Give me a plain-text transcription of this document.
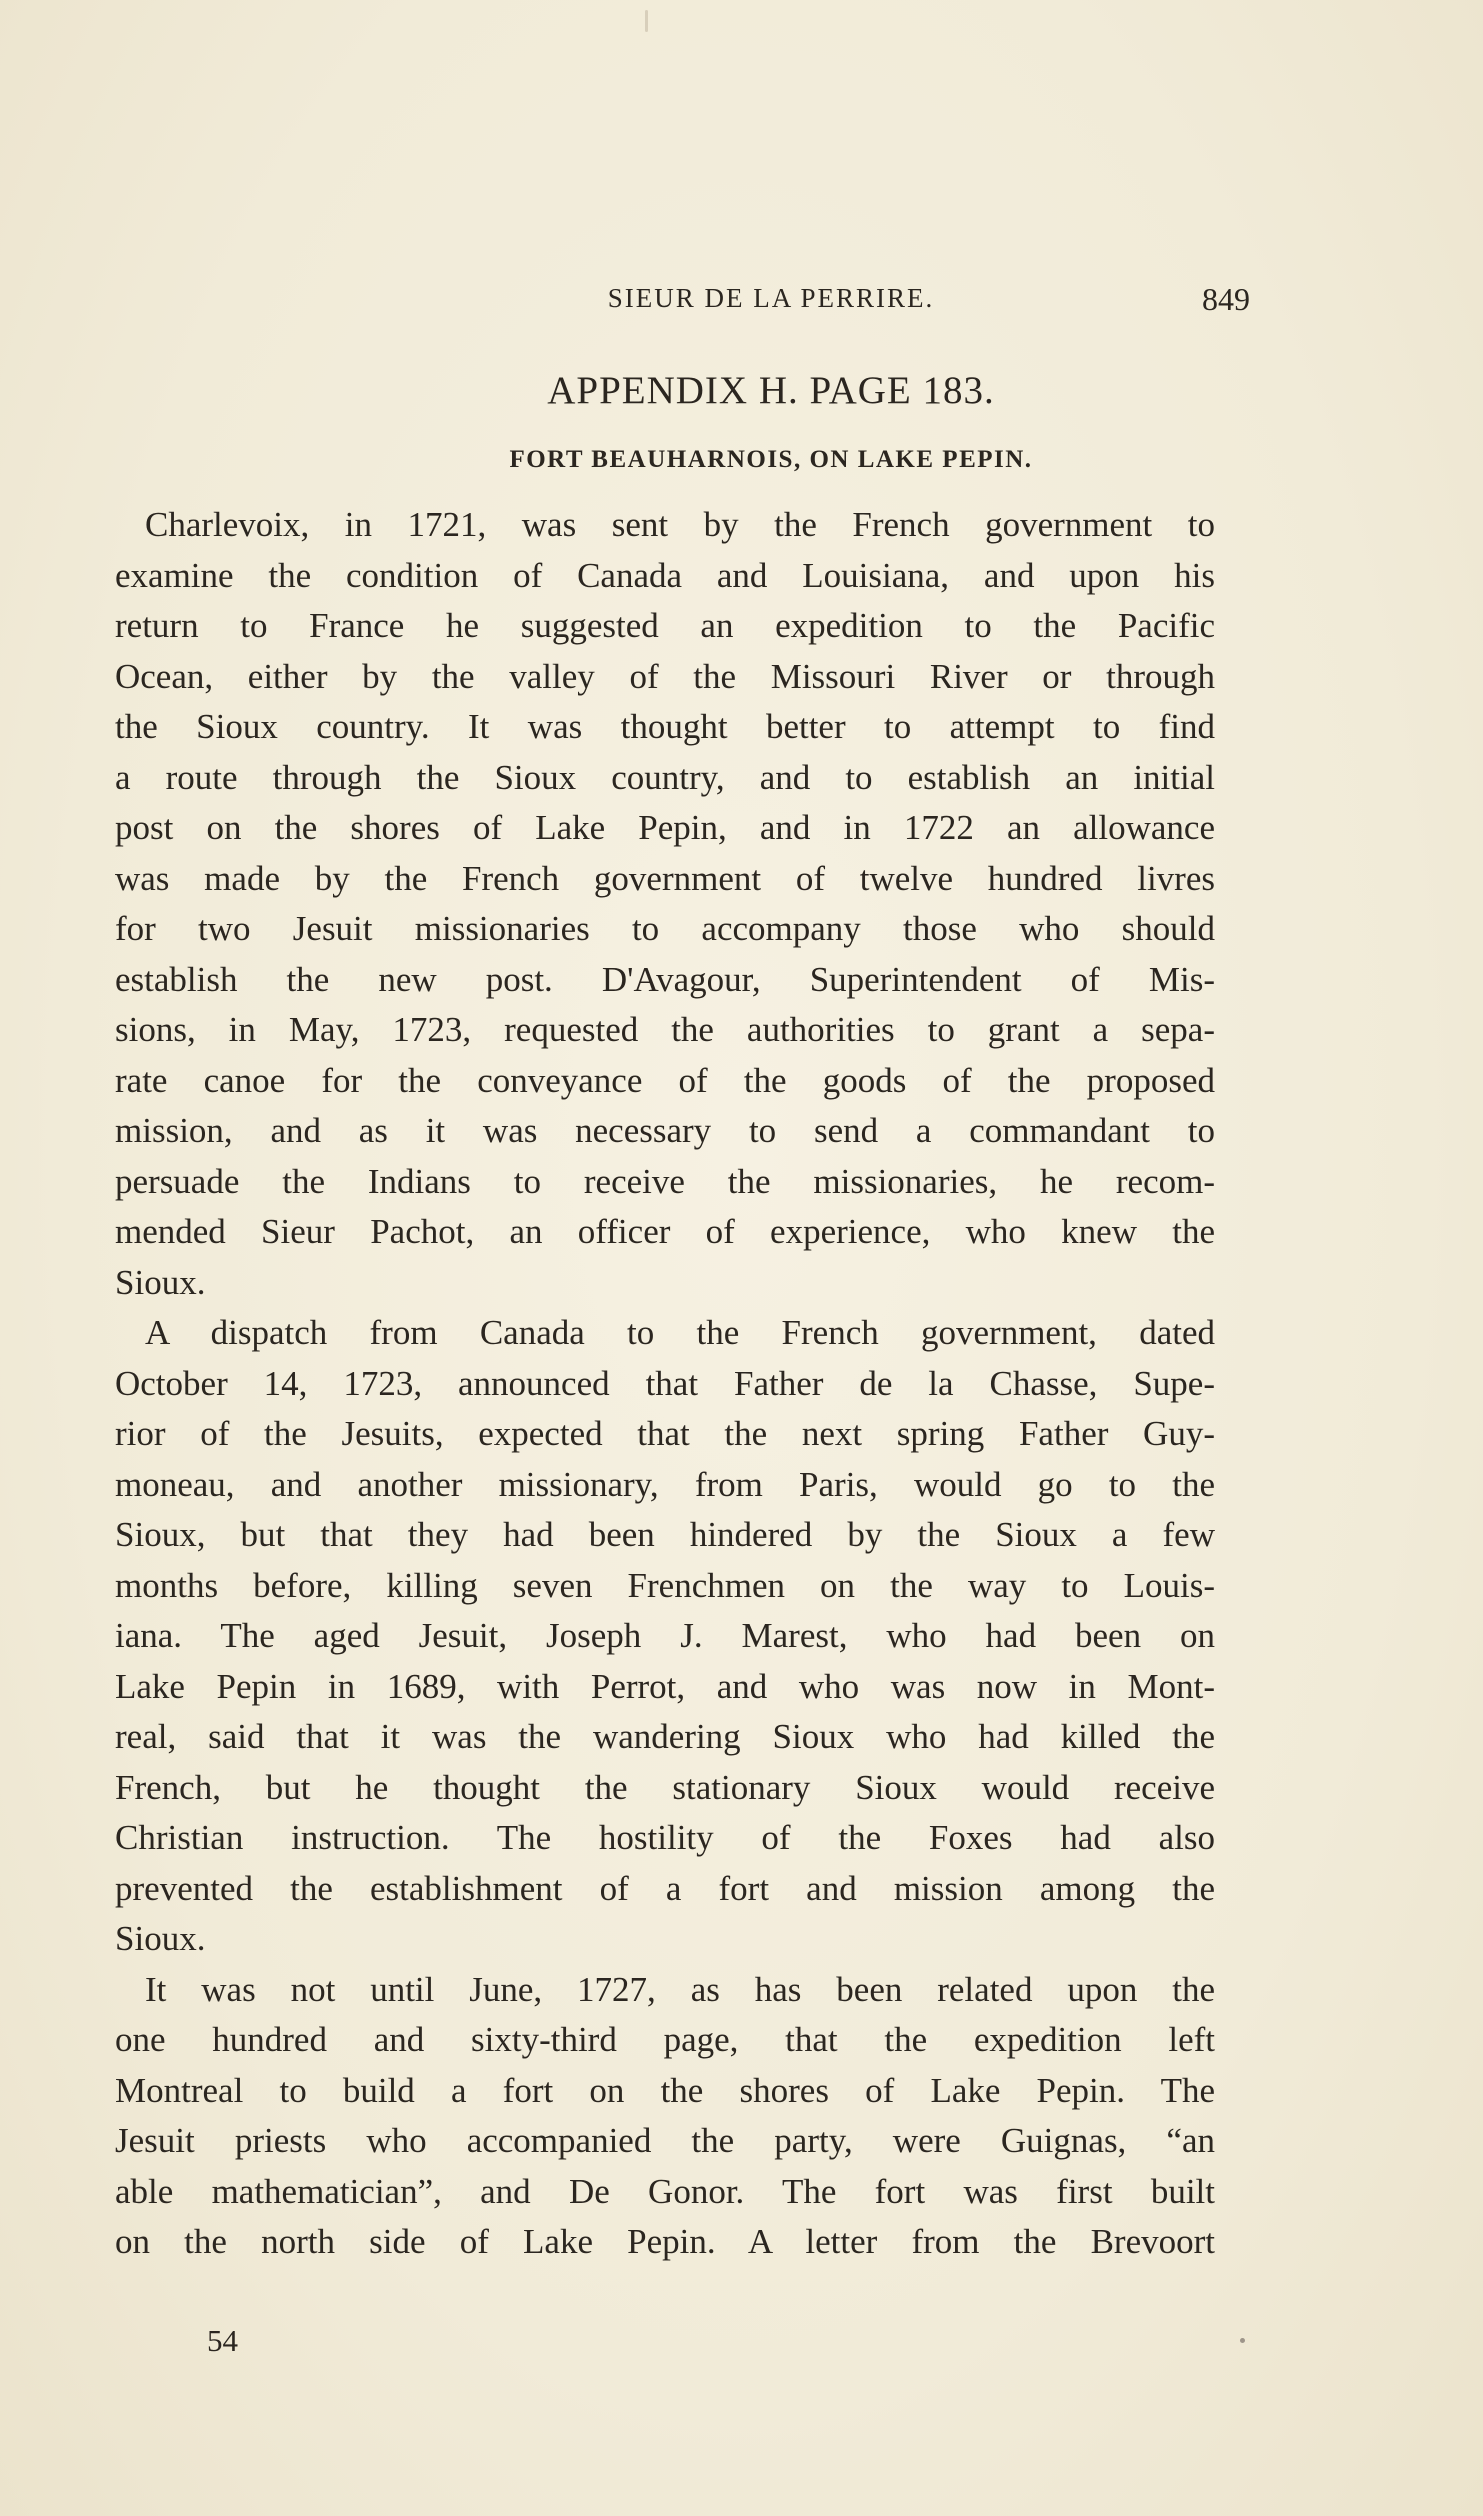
SIEUR DE LA PERRIRE.	849
APPENDIX H. PAGE 183.
FORT BEAUHARNOIS, ON LAKE PEPIN.
Charlevoix, in 1721, was sent by the French government to
examine the condition of Canada and Louisiana, and upon his
return to France he suggested an expedition to the Pacific
Ocean, either by the valley of the Missouri River or through
the Sioux country. It was thought better to attempt to find
a route through the Sioux country, and to establish an initial
post on the shores of Lake Pepin, and in 1722 an allowance
was made by the French government of twelve hundred livres
for two Jesuit missionaries to accompany those who should
establish the new post. D'Avagour, Superintendent of Mis-
sions, in May, 1723, requested the authorities to grant a sepa-
rate canoe for the conveyance of the goods of the proposed
mission, and as it was necessary to send a commandant to
persuade the Indians to receive the missionaries, he recom-
mended Sieur Pachot, an officer of experience, who knew the
Sioux.
A dispatch from Canada to the French government, dated
October 14, 1723, announced that Father de la Chasse, Supe-
rior of the Jesuits, expected that the next spring Father Guy-
moneau, and another missionary, from Paris, would go to the
Sioux, but that they had been hindered by the Sioux a few
months before, killing seven Frenchmen on the way to Louis-
iana. The aged Jesuit, Joseph J. Marest, who had been on
Lake Pepin in 1689, with Perrot, and who was now in Mont-
real, said that it was the wandering Sioux who had killed the
French, but he thought the stationary Sioux would receive
Christian instruction. The hostility of the Foxes had also
prevented the establishment of a fort and mission among the
Sioux.
It was not until June, 1727, as has been related upon the
one hundred and sixty-third page, that the expedition left
Montreal to build a fort on the shores of Lake Pepin. The
Jesuit priests who accompanied the party, were Guignas, “an
able mathematician”, and De Gonor. The fort was first built
on the north side of Lake Pepin. A letter from the Brevoort
54
